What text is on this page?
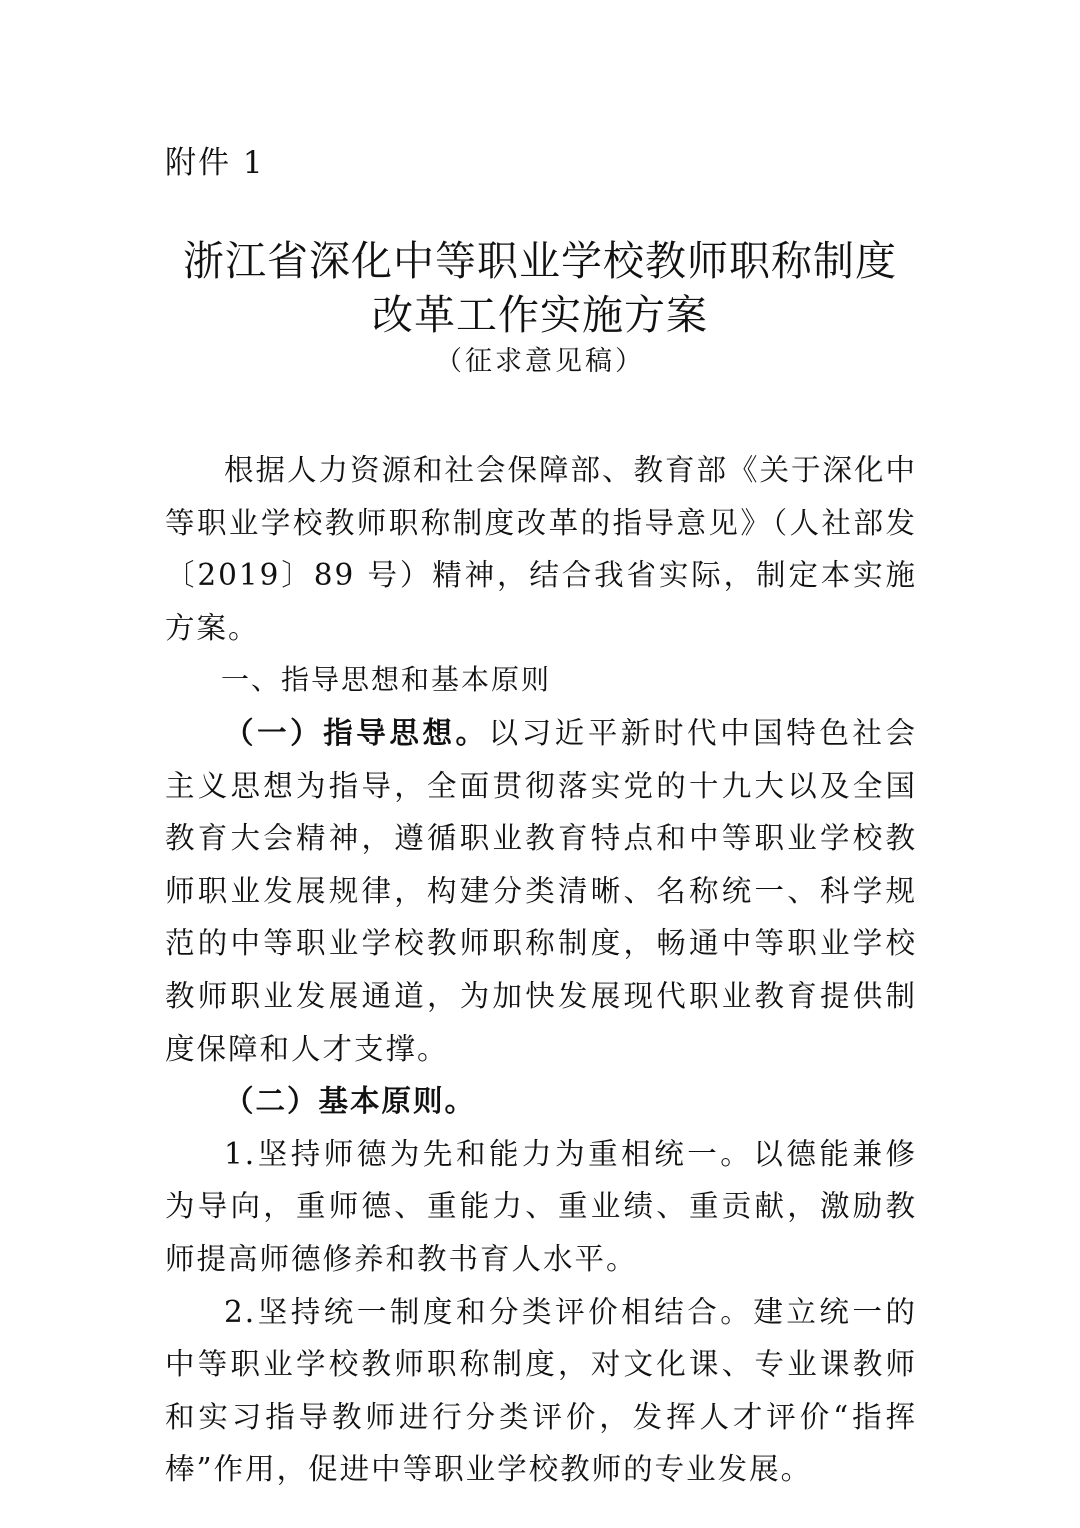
附件 1
浙江省深化中等职业学校教师职称制度
改革工作实施方案
（征求意见稿）

根据人力资源和社会保障部、教育部《关于深化中等职业学校教师职称制度改革的指导意见》（人社部发〔2019〕89 号）精神，结合我省实际，制定本实施方案。

一、指导思想和基本原则

（一）指导思想。以习近平新时代中国特色社会主义思想为指导，全面贯彻落实党的十九大以及全国教育大会精神，遵循职业教育特点和中等职业学校教师职业发展规律，构建分类清晰、名称统一、科学规范的中等职业学校教师职称制度，畅通中等职业学校教师职业发展通道，为加快发展现代职业教育提供制度保障和人才支撑。

（二）基本原则。

1.坚持师德为先和能力为重相统一。以德能兼修为导向，重师德、重能力、重业绩、重贡献，激励教师提高师德修养和教书育人水平。

2.坚持统一制度和分类评价相结合。建立统一的中等职业学校教师职称制度，对文化课、专业课教师和实习指导教师进行分类评价，发挥人才评价“指挥棒”作用，促进中等职业学校教师的专业发展。
